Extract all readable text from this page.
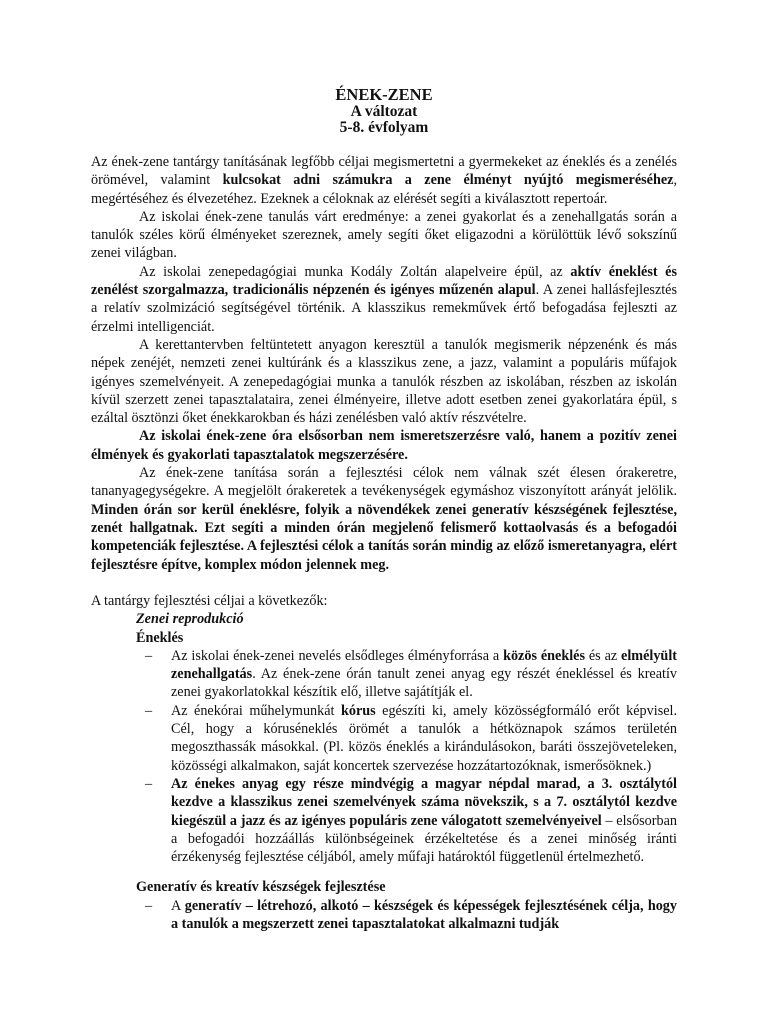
ÉNEK-ZENE
A változat
5-8. évfolyam

Az ének-zene tantárgy tanításának legfőbb céljai megismertetni a gyermekeket az éneklés és a zenélés örömével, valamint kulcsokat adni számukra a zene élményt nyújtó megismeréséhez, megértéséhez és élvezetéhez. Ezeknek a céloknak az elérését segíti a kiválasztott repertoár.

Az iskolai ének-zene tanulás várt eredménye: a zenei gyakorlat és a zenehallgatás során a tanulók széles körű élményeket szereznek, amely segíti őket eligazodni a körülöttük lévő sokszínű zenei világban.

Az iskolai zenepedagógiai munka Kodály Zoltán alapelveire épül, az aktív éneklést és zenélést szorgalmazza, tradicionális népzenén és igényes műzenén alapul. A zenei hallásfejlesztés a relatív szolmizáció segítségével történik. A klasszikus remekművek értő befogadása fejleszti az érzelmi intelligenciát.

A kerettantervben feltüntetett anyagon keresztül a tanulók megismerik népzenénk és más népek zenéjét, nemzeti zenei kultúránk és a klasszikus zene, a jazz, valamint a populáris műfajok igényes szemelvényeit. A zenepedagógiai munka a tanulók részben az iskolában, részben az iskolán kívül szerzett zenei tapasztalataira, zenei élményeire, illetve adott esetben zenei gyakorlatára épül, s ezáltal ösztönzi őket énekkarokban és házi zenélésben való aktív részvételre.

Az iskolai ének-zene óra elsősorban nem ismeretszerzésre való, hanem a pozitív zenei élmények és gyakorlati tapasztalatok megszerzésére.

Az ének-zene tanítása során a fejlesztési célok nem válnak szét élesen órakeretre, tananyagegységekre. A megjelölt órakeretek a tevékenységek egymáshoz viszonyított arányát jelölik. Minden órán sor kerül éneklésre, folyik a növendékek zenei generatív készségének fejlesztése, zenét hallgatnak. Ezt segíti a minden órán megjelenő felismerő kottaolvasás és a befogadói kompetenciák fejlesztése. A fejlesztési célok a tanítás során mindig az előző ismeretanyagra, elért fejlesztésre építve, komplex módon jelennek meg.

A tantárgy fejlesztési céljai a következők:

Zenei reprodukció

Éneklés

– Az iskolai ének-zenei nevelés elsődleges élményforrása a közös éneklés és az elmélyült zenehallgatás. Az ének-zene órán tanult zenei anyag egy részét énekléssel és kreatív zenei gyakorlatokkal készítik elő, illetve sajátítják el.
– Az énekórai műhelymunkát kórus egészíti ki, amely közösségformáló erőt képvisel. Cél, hogy a kóruséneklés örömét a tanulók a hétköznapok számos területén megoszthassák másokkal. (Pl. közös éneklés a kirándulásokon, baráti összejöveteleken, közösségi alkalmakon, saját koncertek szervezése hozzátartozóknak, ismerősöknek.)
– Az énekes anyag egy része mindvégig a magyar népdal marad, a 3. osztálytól kezdve a klasszikus zenei szemelvények száma növekszik, s a 7. osztálytól kezdve kiegészül a jazz és az igényes populáris zene válogatott szemelvényeivel – elsősorban a befogadói hozzáállás különbségeinek érzékeltetése és a zenei minőség iránti érzékenység fejlesztése céljából, amely műfaji határoktól függetlenül értelmezhető.

Generatív és kreatív készségek fejlesztése

– A generatív – létrehozó, alkotó – készségek és képességek fejlesztésének célja, hogy a tanulók a megszerzett zenei tapasztalatokat alkalmazni tudják
